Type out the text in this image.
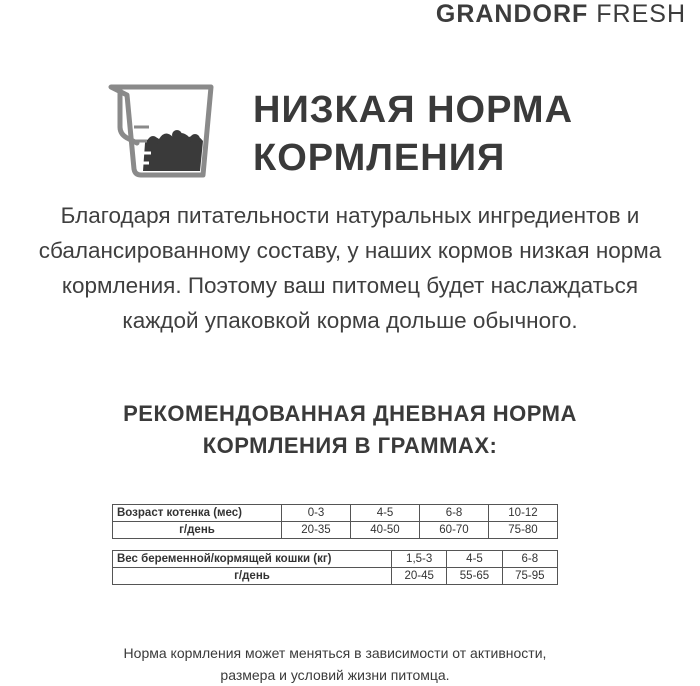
GRANDORF FRESH
НИЗКАЯ НОРМА
КОРМЛЕНИЯ
Благодаря питательности натуральных ингредиентов и
сбалансированному составу, у наших кормов низкая норма
кормления. Поэтому ваш питомец будет наслаждаться
каждой упаковкой корма дольше обычного.
РЕКОМЕНДОВАННАЯ ДНЕВНАЯ НОРМА
КОРМЛЕНИЯ В ГРАММАХ:
Возраст котенка (мес)	0-3	4-5	6-8	10-12
г/день	20-35	40-50	60-70	75-80
Вес беременной/кормящей кошки (кг)	1,5-3	4-5	6-8
г/день	20-45	55-65	75-95
Норма кормления может меняться в зависимости от активности,
размера и условий жизни питомца.
